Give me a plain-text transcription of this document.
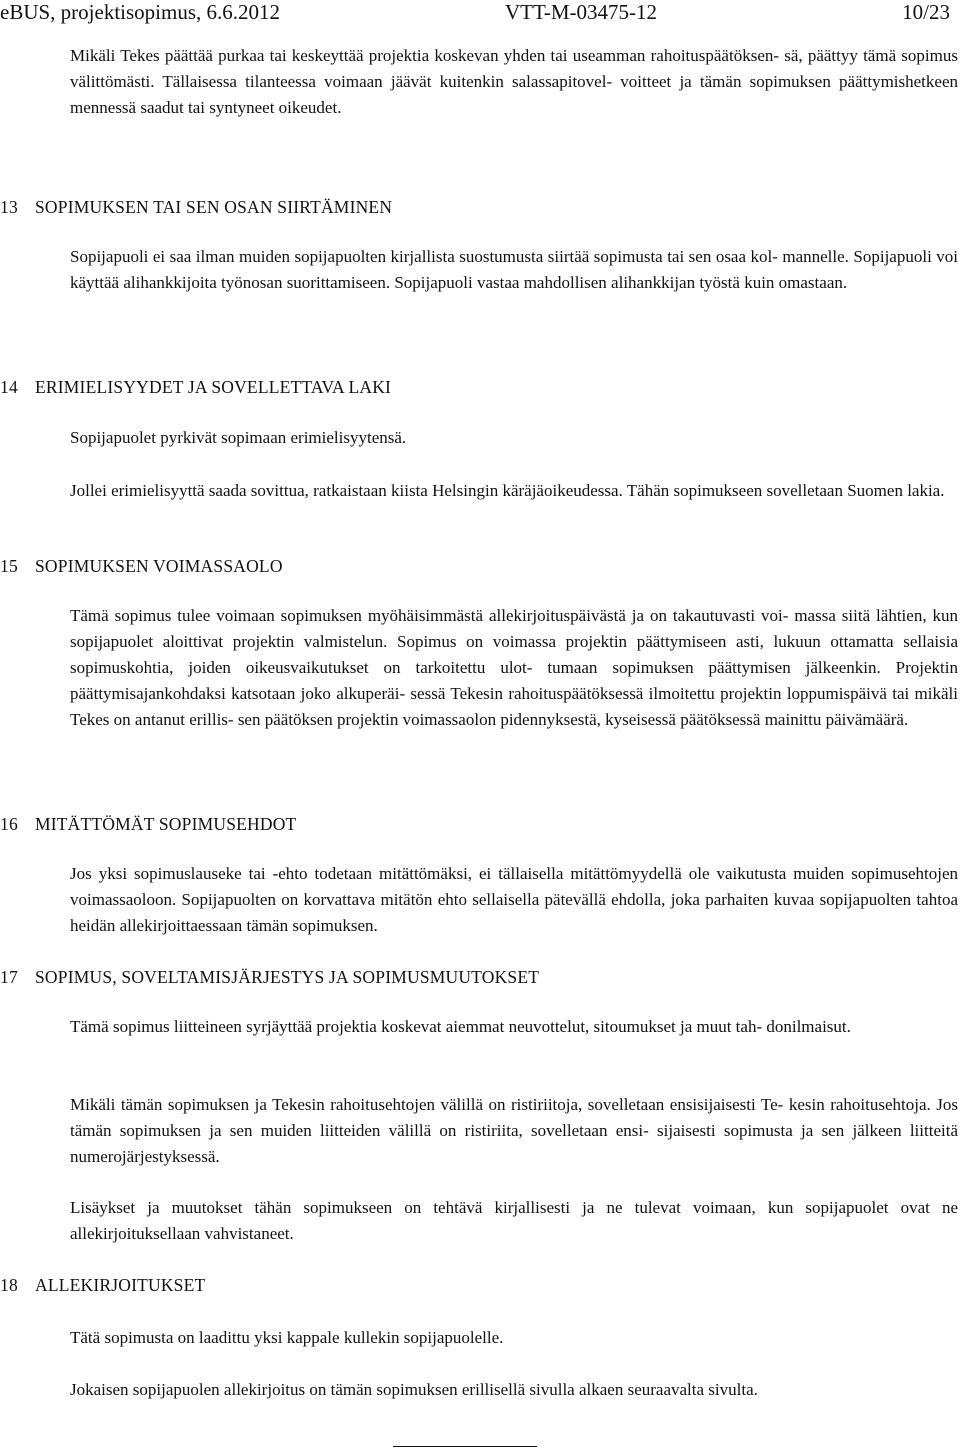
eBUS, projektisopimus, 6.6.2012	VTT-M-03475-12	10/23
Mikäli Tekes päättää purkaa tai keskeyttää projektia koskevan yhden tai useamman rahoituspäätöksen- sä, päättyy tämä sopimus välittömästi. Tällaisessa tilanteessa voimaan jäävät kuitenkin salassapitovel- voitteet ja tämän sopimuksen päättymishetkeen mennessä saadut tai syntyneet oikeudet.
13 SOPIMUKSEN TAI SEN OSAN SIIRTÄMINEN
Sopijapuoli ei saa ilman muiden sopijapuolten kirjallista suostumusta siirtää sopimusta tai sen osaa kol- mannelle. Sopijapuoli voi käyttää alihankkijoita työnosan suorittamiseen. Sopijapuoli vastaa mahdollisen alihankkijan työstä kuin omastaan.
14 ERIMIELISYYDET JA SOVELLETTAVA LAKI
Sopijapuolet pyrkivät sopimaan erimielisyytensä.
Jollei erimielisyyttä saada sovittua, ratkaistaan kiista Helsingin käräjäoikeudessa. Tähän sopimukseen sovelletaan Suomen lakia.
15 SOPIMUKSEN VOIMASSAOLO
Tämä sopimus tulee voimaan sopimuksen myöhäisimmästä allekirjoituspäivästä ja on takautuvasti voi- massa siitä lähtien, kun sopijapuolet aloittivat projektin valmistelun. Sopimus on voimassa projektin päättymiseen asti, lukuun ottamatta sellaisia sopimuskohtia, joiden oikeusvaikutukset on tarkoitettu ulot- tumaan sopimuksen päättymisen jälkeenkin. Projektin päättymisajankohdaksi katsotaan joko alkuperäi- sessä Tekesin rahoituspäätöksessä ilmoitettu projektin loppumispäivä tai mikäli Tekes on antanut erillis- sen päätöksen projektin voimassaolon pidennyksestä, kyseisessä päätöksessä mainittu päivämäärä.
16 MITÄTTÖMÄT SOPIMUSEHDOT
Jos yksi sopimuslauseke tai -ehto todetaan mitättömäksi, ei tällaisella mitättömyydellä ole vaikutusta muiden sopimusehtojen voimassaoloon. Sopijapuolten on korvattava mitätön ehto sellaisella pätevällä ehdolla, joka parhaiten kuvaa sopijapuolten tahtoa heidän allekirjoittaessaan tämän sopimuksen.
17 SOPIMUS, SOVELTAMISJÄRJESTYS JA SOPIMUSMUUTOKSET
Tämä sopimus liitteineen syrjäyttää projektia koskevat aiemmat neuvottelut, sitoumukset ja muut tah- donilmaisut.
Mikäli tämän sopimuksen ja Tekesin rahoitusehtojen välillä on ristiriitoja, sovelletaan ensisijaisesti Te- kesin rahoitusehtoja. Jos tämän sopimuksen ja sen muiden liitteiden välillä on ristiriita, sovelletaan ensi- sijaisesti sopimusta ja sen jälkeen liitteitä numerojärjestyksessä.
Lisäykset ja muutokset tähän sopimukseen on tehtävä kirjallisesti ja ne tulevat voimaan, kun sopijapuolet ovat ne allekirjoituksellaan vahvistaneet.
18 ALLEKIRJOITUKSET
Tätä sopimusta on laadittu yksi kappale kullekin sopijapuolelle.
Jokaisen sopijapuolen allekirjoitus on tämän sopimuksen erillisellä sivulla alkaen seuraavalta sivulta.
